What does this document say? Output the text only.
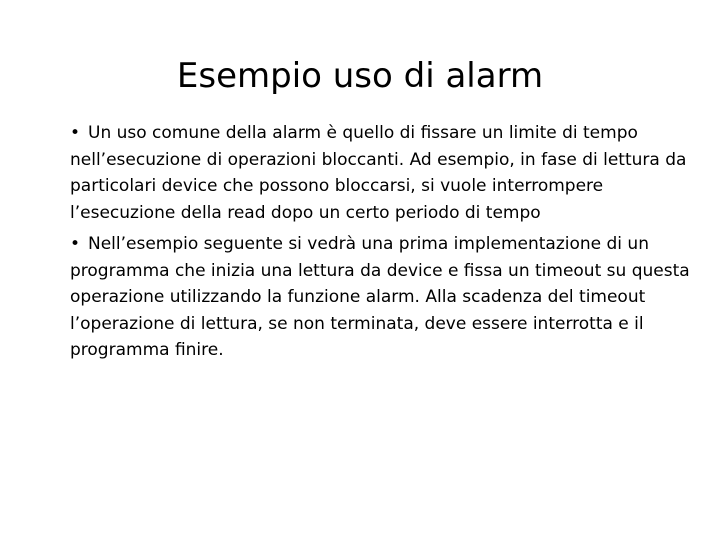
Esempio uso di alarm
• Un uso comune della alarm è quello di fissare un limite di tempo nell’esecuzione di operazioni bloccanti. Ad esempio, in fase di lettura da particolari device che possono bloccarsi, si vuole interrompere l’esecuzione della read dopo un certo periodo di tempo
• Nell’esempio seguente si vedrà una prima implementazione di un programma che inizia una lettura da device e fissa un timeout su questa operazione utilizzando la funzione alarm. Alla scadenza del timeout l’operazione di lettura, se non terminata, deve essere interrotta e il programma finire.
